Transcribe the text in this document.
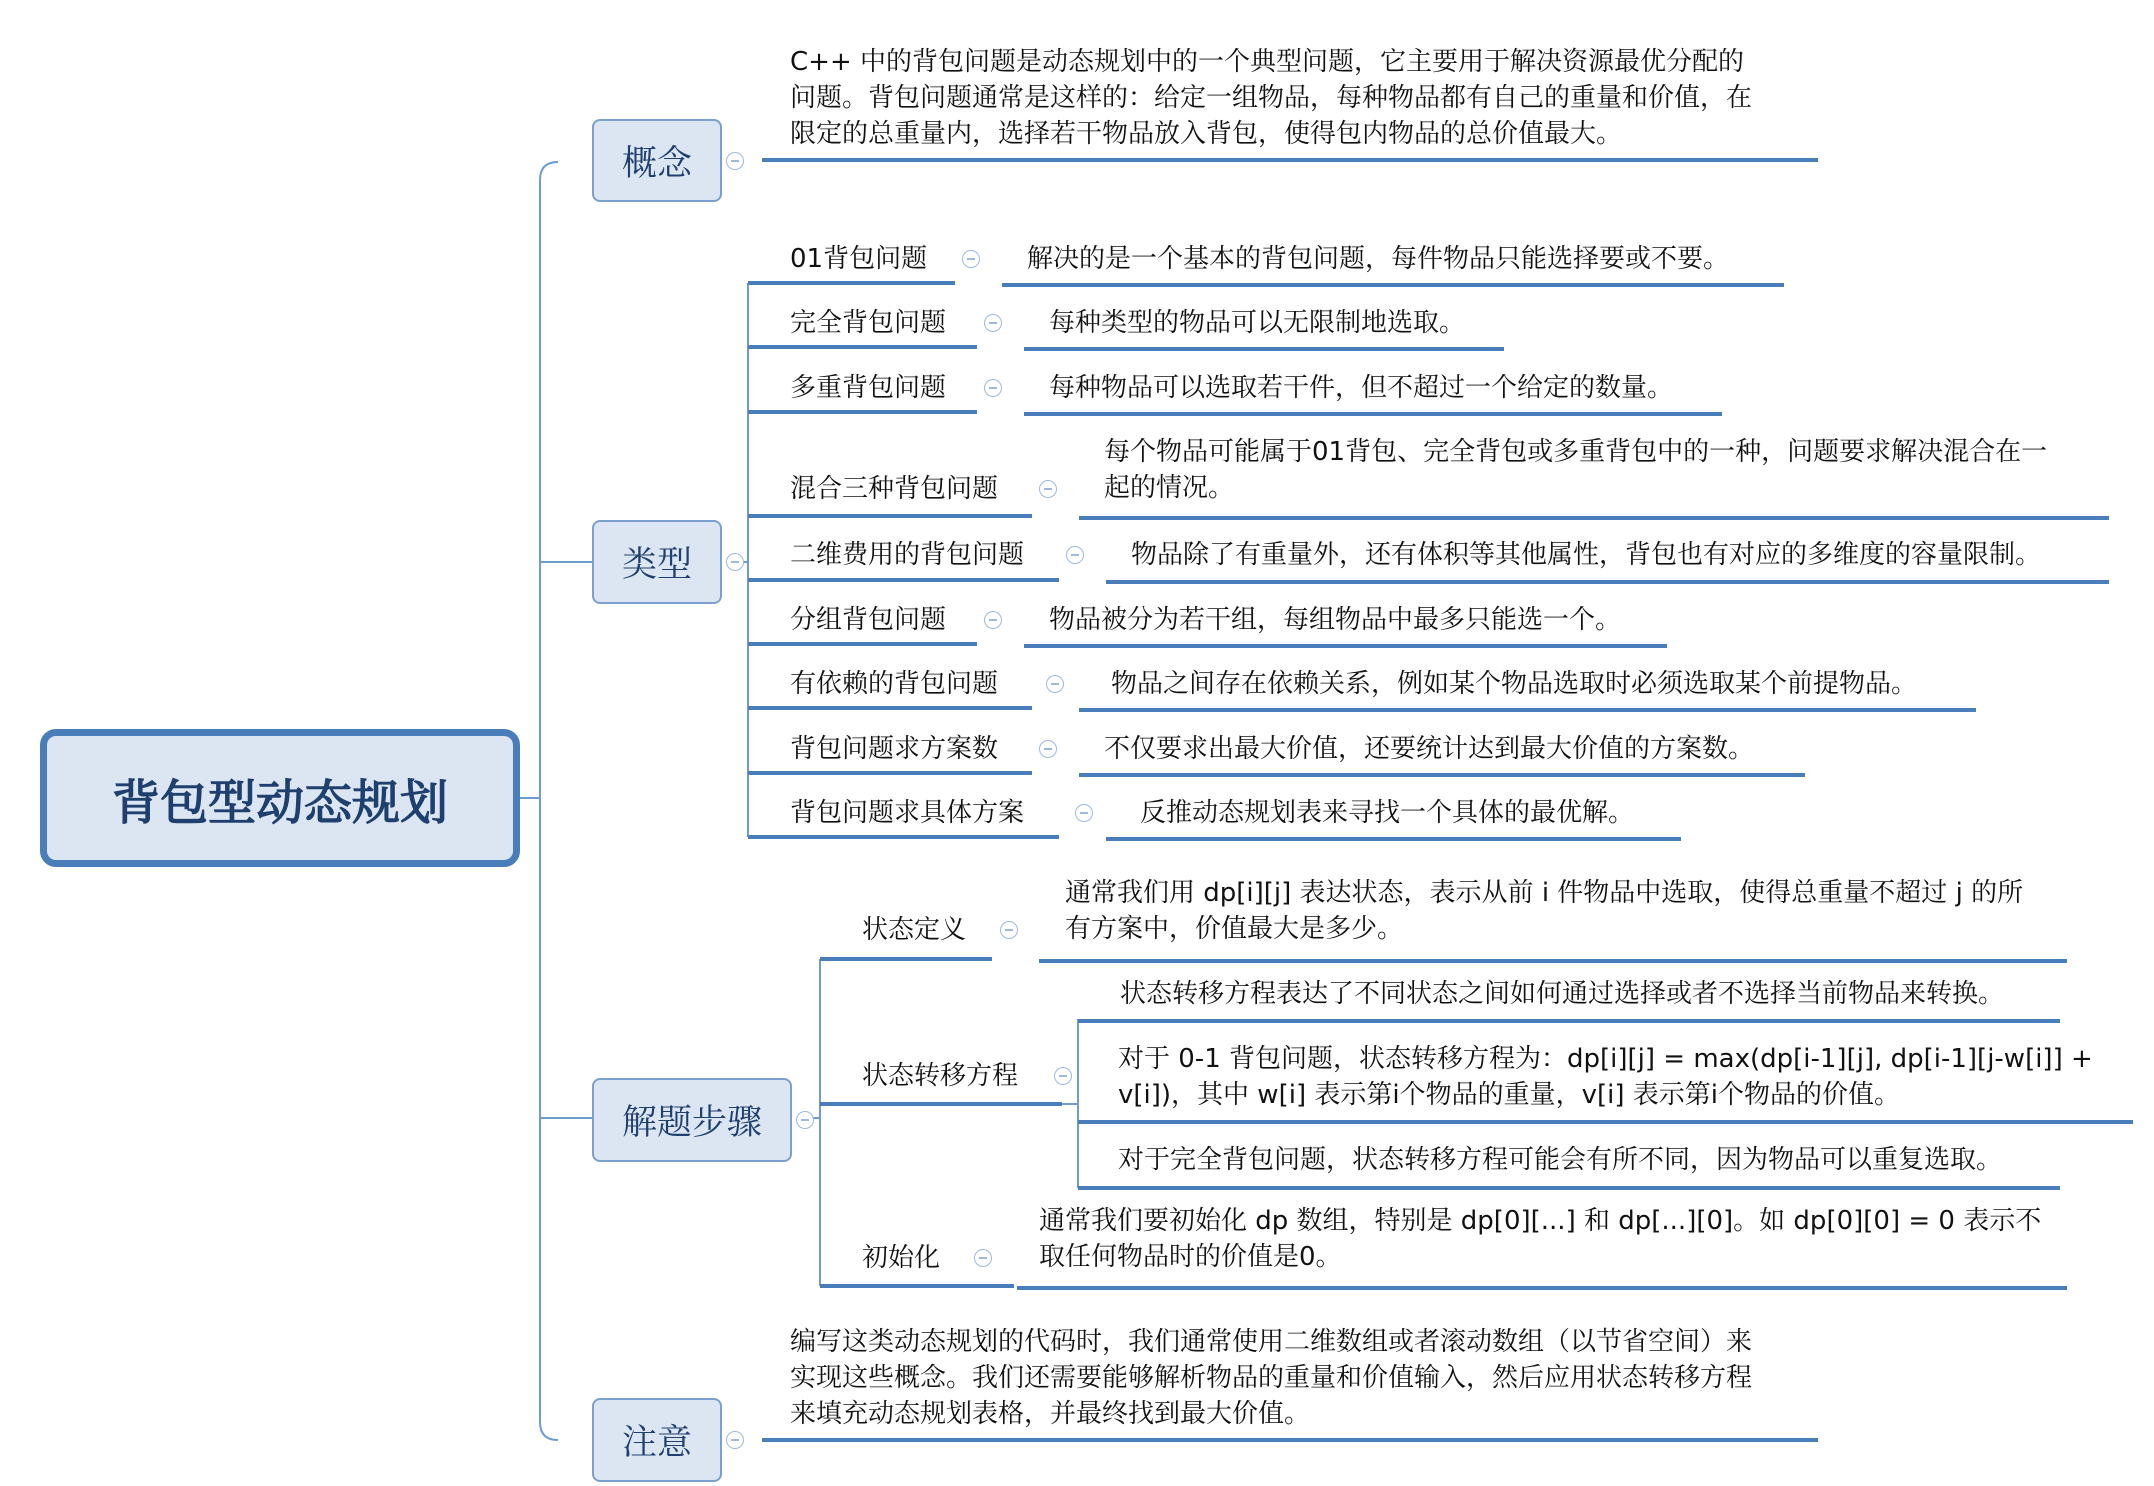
背包型动态规划
概念
C++ 中的背包问题是动态规划中的一个典型问题，它主要用于解决资源最优分配的
问题。背包问题通常是这样的：给定一组物品，每种物品都有自己的重量和价值，在
限定的总重量内，选择若干物品放入背包，使得包内物品的总价值最大。
类型
01背包问题	解决的是一个基本的背包问题，每件物品只能选择要或不要。
完全背包问题	每种类型的物品可以无限制地选取。
多重背包问题	每种物品可以选取若干件，但不超过一个给定的数量。
混合三种背包问题
每个物品可能属于01背包、完全背包或多重背包中的一种，问题要求解决混合在一
起的情况。
二维费用的背包问题	物品除了有重量外，还有体积等其他属性，背包也有对应的多维度的容量限制。
分组背包问题	物品被分为若干组，每组物品中最多只能选一个。
有依赖的背包问题	物品之间存在依赖关系，例如某个物品选取时必须选取某个前提物品。
背包问题求方案数	不仅要求出最大价值，还要统计达到最大价值的方案数。
背包问题求具体方案	反推动态规划表来寻找一个具体的最优解。
解题步骤
状态定义
通常我们用 dp[i][j] 表达状态，表示从前 i 件物品中选取，使得总重量不超过 j 的所
有方案中，价值最大是多少。
状态转移方程
状态转移方程表达了不同状态之间如何通过选择或者不选择当前物品来转换。
对于 0-1 背包问题，状态转移方程为：dp[i][j] = max(dp[i-1][j], dp[i-1][j-w[i]] +
v[i])，其中 w[i] 表示第i个物品的重量，v[i] 表示第i个物品的价值。
对于完全背包问题，状态转移方程可能会有所不同，因为物品可以重复选取。
初始化
通常我们要初始化 dp 数组，特别是 dp[0][...] 和 dp[...][0]。如 dp[0][0] = 0 表示不
取任何物品时的价值是0。
注意
编写这类动态规划的代码时，我们通常使用二维数组或者滚动数组（以节省空间）来
实现这些概念。我们还需要能够解析物品的重量和价值输入，然后应用状态转移方程
来填充动态规划表格，并最终找到最大价值。
